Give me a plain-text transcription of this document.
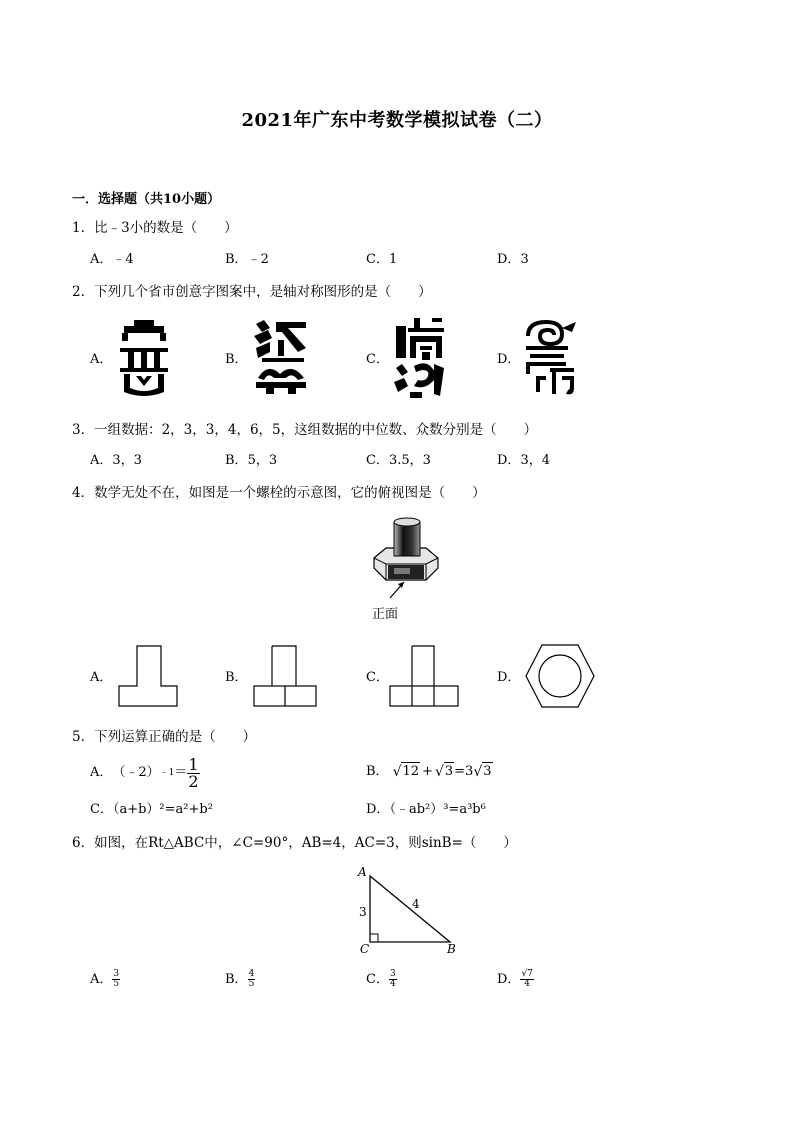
2021年广东中考数学模拟试卷（二）
一．选择题（共10小题）
1．比﹣3小的数是（　　）
A．﹣4	B．﹣2	C．1	D．3
2．下列几个省市创意字图案中，是轴对称图形的是（　　）
A．	B．	C．	D．
3．一组数据：2，3，3，4，6，5，这组数据的中位数、众数分别是（　　）
A．3，3	B．5，3	C．3.5，3	D．3，4
4．数学无处不在，如图是一个螺栓的示意图，它的俯视图是（　　）
正面
A．	B．	C．	D．
5．下列运算正确的是（　　）
A． （﹣2） ﹣1 ＝ $\frac{1}{2}$	B． √ 12 + √ 3 =3 √ 3
C．（a+b）²=a²+b²	D．（﹣ab²）³=a³b⁶
6．如图，在Rt△ABC中，∠C=90°，AB=4，AC=3，则sinB=（　　）
A
C	B
3
4
A． $\frac{3}{5}$	B． $\frac{4}{5}$	C． $\frac{3}{4}$	D． $\frac{√7}{4}$
